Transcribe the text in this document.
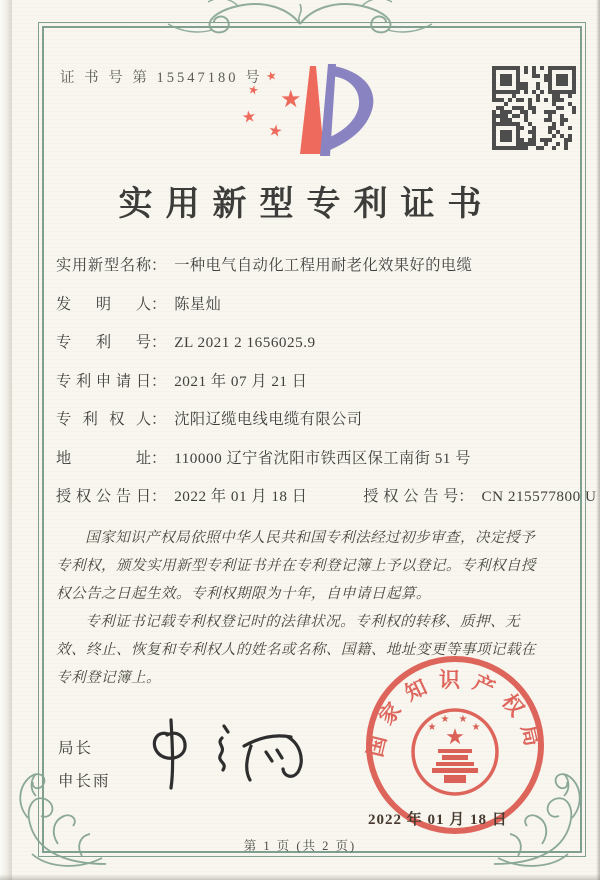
证 书 号 第 15547180 号
★
★
★
★
★
实用新型专利证书
实用新型名称： 一种电气自动化工程用耐老化效果好的电缆
发　明　人： 陈星灿
专　利　号： ZL 2021 2 1656025.9
专利申请日： 2021 年 07 月 21 日
专 利 权 人： 沈阳辽缆电线电缆有限公司
地　　址： 110000 辽宁省沈阳市铁西区保工南街 51 号
授权公告日： 2022 年 01 月 18 日	授权公告号： CN 215577800 U

国家知识产权局依照中华人民共和国专利法经过初步审查，决定授予专利权，颁发实用新型专利证书并在专利登记簿上予以登记。专利权自授权公告之日起生效。专利权期限为十年，自申请日起算。

专利证书记载专利权登记时的法律状况。专利权的转移、质押、无效、终止、恢复和专利权人的姓名或名称、国籍、地址变更等事项记载在专利登记簿上。

局长
申长雨
国家知识产权局
★
★
★ ★
★
2022 年 01 月 18 日
第 1 页 (共 2 页)
